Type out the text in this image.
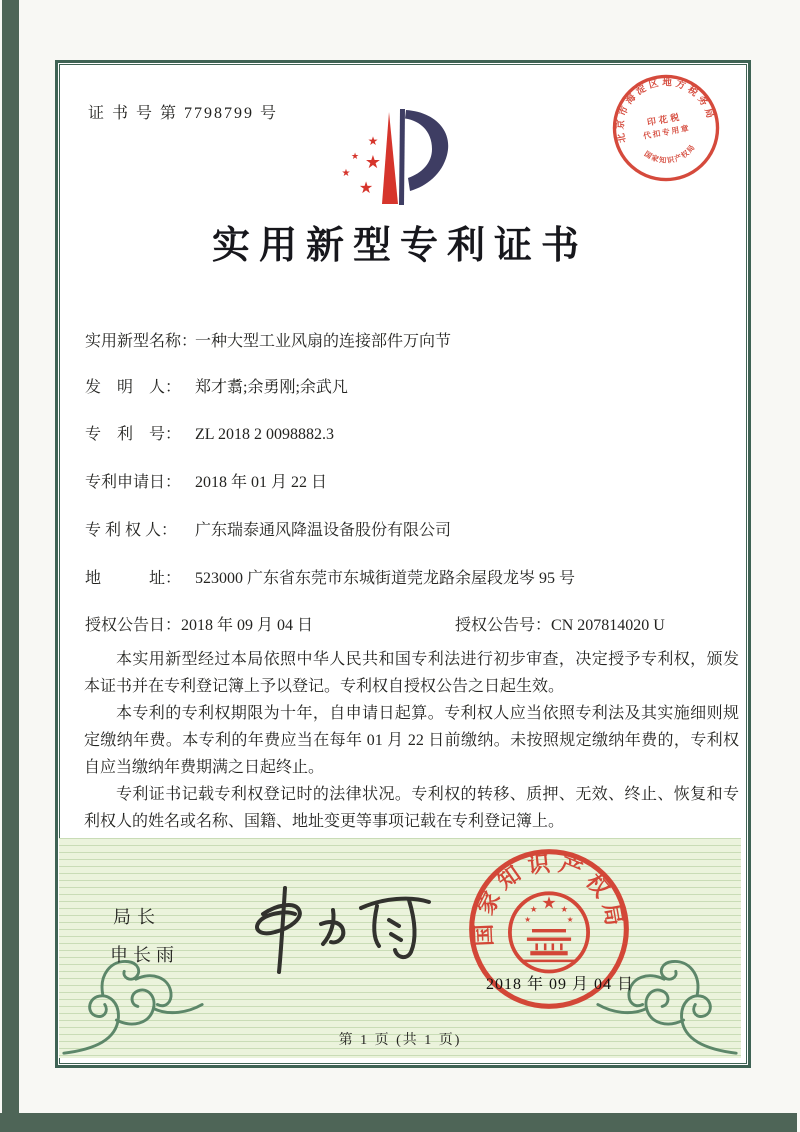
证 书 号 第 7798799 号
★
★ ★
★
★
实用新型专利证书
实用新型名称： 一种大型工业风扇的连接部件万向节
发　明　人： 郑才翥;余勇刚;余武凡
专　利　号： ZL 2018 2 0098882.3
专利申请日： 2018 年 01 月 22 日
专 利 权 人： 广东瑞泰通风降温设备股份有限公司
地　　　址： 523000 广东省东莞市东城街道莞龙路余屋段龙岑 95 号
授权公告日：2018 年 09 月 04 日	授权公告号：CN 207814020 U

本实用新型经过本局依照中华人民共和国专利法进行初步审查，决定授予专利权，颁发本证书并在专利登记簿上予以登记。专利权自授权公告之日起生效。

本专利的专利权期限为十年，自申请日起算。专利权人应当依照专利法及其实施细则规定缴纳年费。本专利的年费应当在每年 01 月 22 日前缴纳。未按照规定缴纳年费的，专利权自应当缴纳年费期满之日起终止。

专利证书记载专利权登记时的法律状况。专利权的转移、质押、无效、终止、恢复和专利权人的姓名或名称、国籍、地址变更等事项记载在专利登记簿上。

局长
申长雨
国家知识产权局
★
★ ★
★	★
2018 年 09 月 04 日
北京市海淀区地方税务局
印花税
代扣专用章
国家知识产权局
第 1 页 (共 1 页)
